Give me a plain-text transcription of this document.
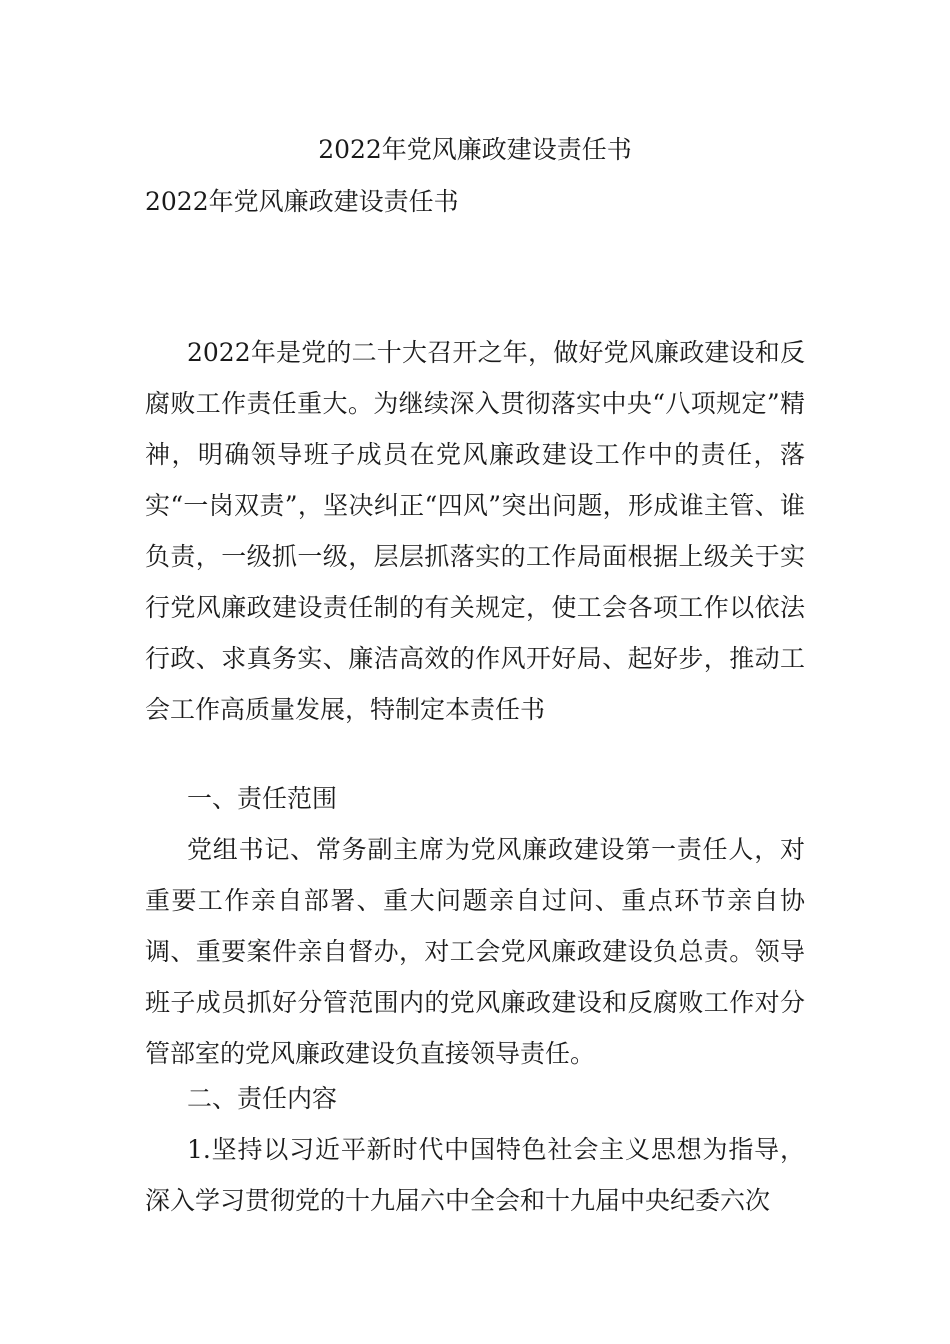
2022年党风廉政建设责任书
2022年党风廉政建设责任书

2022年是党的二十大召开之年，做好党风廉政建设和反腐败工作责任重大。为继续深入贯彻落实中央“八项规定”精神，明确领导班子成员在党风廉政建设工作中的责任，落实“一岗双责”，坚决纠正“四风”突出问题，形成谁主管、谁负责，一级抓一级，层层抓落实的工作局面根据上级关于实行党风廉政建设责任制的有关规定，使工会各项工作以依法行政、求真务实、廉洁高效的作风开好局、起好步，推动工会工作高质量发展，特制定本责任书

一、责任范围

党组书记、常务副主席为党风廉政建设第一责任人，对重要工作亲自部署、重大问题亲自过问、重点环节亲自协调、重要案件亲自督办，对工会党风廉政建设负总责。领导班子成员抓好分管范围内的党风廉政建设和反腐败工作对分管部室的党风廉政建设负直接领导责任。

二、责任内容

1.坚持以习近平新时代中国特色社会主义思想为指导，深入学习贯彻党的十九届六中全会和十九届中央纪委六次
